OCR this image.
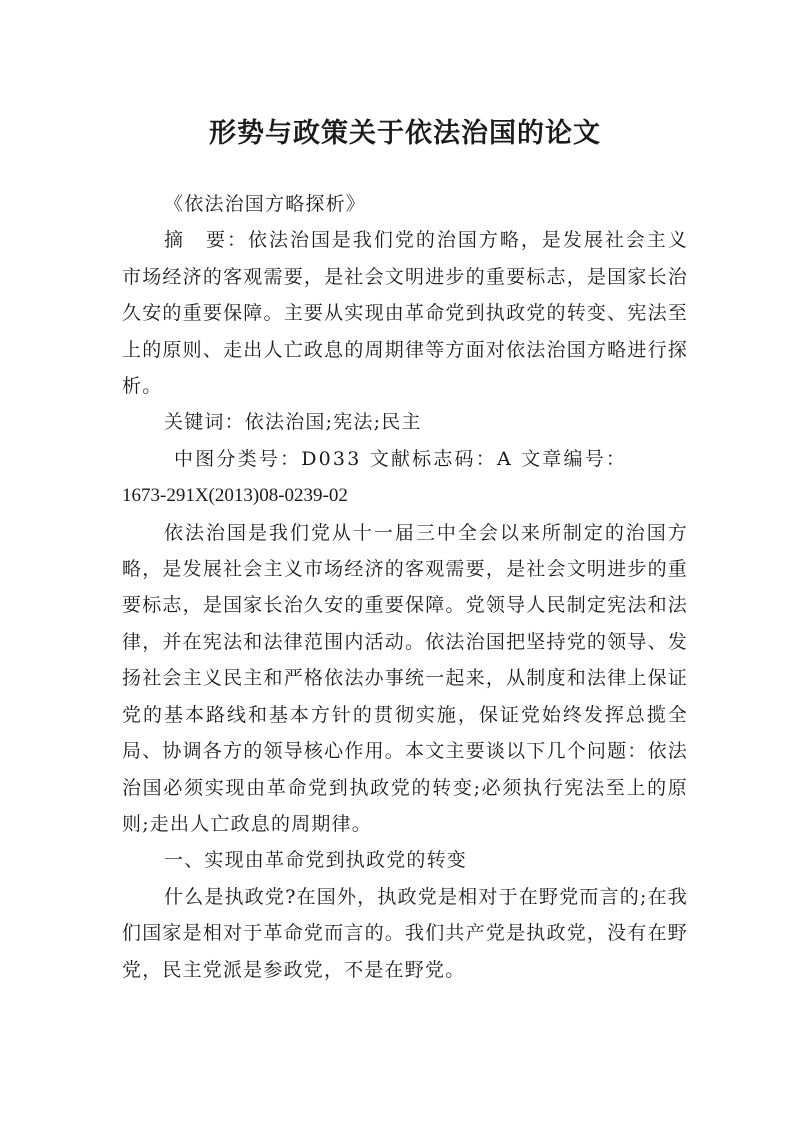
形势与政策关于依法治国的论文

《依法治国方略探析》

摘　要：依法治国是我们党的治国方略，是发展社会主义市场经济的客观需要，是社会文明进步的重要标志，是国家长治久安的重要保障。主要从实现由革命党到执政党的转变、宪法至上的原则、走出人亡政息的周期律等方面对依法治国方略进行探析。

关键词：依法治国;宪法;民主

中图分类号：D033 文献标志码：A 文章编号：

1673-291X(2013)08-0239-02

依法治国是我们党从十一届三中全会以来所制定的治国方略，是发展社会主义市场经济的客观需要，是社会文明进步的重要标志，是国家长治久安的重要保障。党领导人民制定宪法和法律，并在宪法和法律范围内活动。依法治国把坚持党的领导、发扬社会主义民主和严格依法办事统一起来，从制度和法律上保证党的基本路线和基本方针的贯彻实施，保证党始终发挥总揽全局、协调各方的领导核心作用。本文主要谈以下几个问题：依法治国必须实现由革命党到执政党的转变;必须执行宪法至上的原则;走出人亡政息的周期律。

一、实现由革命党到执政党的转变

什么是执政党?在国外，执政党是相对于在野党而言的;在我们国家是相对于革命党而言的。我们共产党是执政党，没有在野党，民主党派是参政党，不是在野党。
